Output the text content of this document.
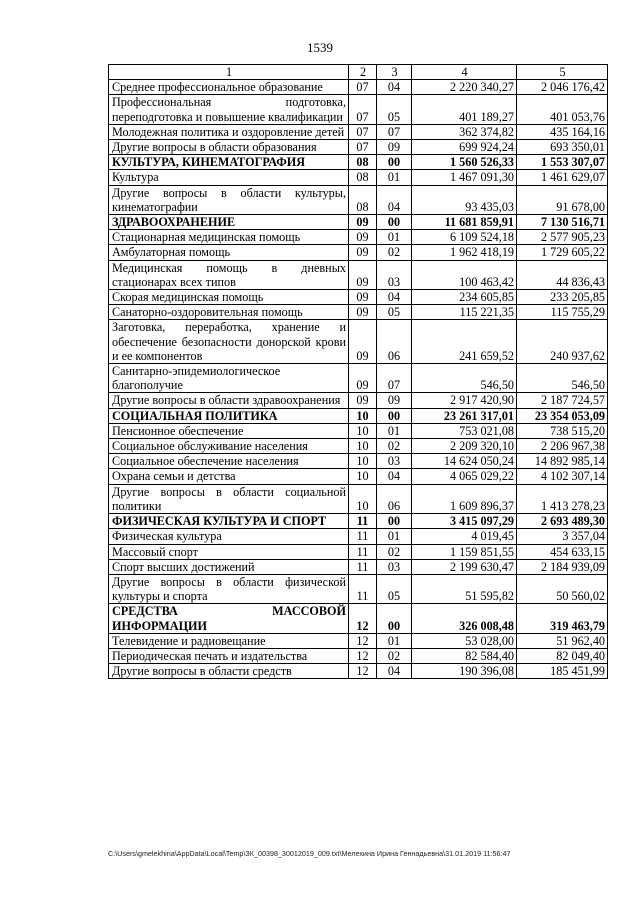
1539
1	2	3	4	5
Среднее профессиональное образование	07	04	2 220 340,27	2 046 176,42
Профессиональная подготовка, переподготовка и повышение квалификации	07	05	401 189,27	401 053,76
Молодежная политика и оздоровление детей	07	07	362 374,82	435 164,16
Другие вопросы в области образования	07	09	699 924,24	693 350,01
КУЛЬТУРА, КИНЕМАТОГРАФИЯ	08	00	1 560 526,33	1 553 307,07
Культура	08	01	1 467 091,30	1 461 629,07
Другие вопросы в области культуры, кинематографии	08	04	93 435,03	91 678,00
ЗДРАВООХРАНЕНИЕ	09	00	11 681 859,91	7 130 516,71
Стационарная медицинская помощь	09	01	6 109 524,18	2 577 905,23
Амбулаторная помощь	09	02	1 962 418,19	1 729 605,22
Медицинская помощь в дневных стационарах всех типов	09	03	100 463,42	44 836,43
Скорая медицинская помощь	09	04	234 605,85	233 205,85
Санаторно-оздоровительная помощь	09	05	115 221,35	115 755,29
Заготовка, переработка, хранение и обеспечение безопасности донорской крови и ее компонентов	09	06	241 659,52	240 937,62
Санитарно-эпидемиологическое благополучие	09	07	546,50	546,50
Другие вопросы в области здравоохранения	09	09	2 917 420,90	2 187 724,57
СОЦИАЛЬНАЯ ПОЛИТИКА	10	00	23 261 317,01	23 354 053,09
Пенсионное обеспечение	10	01	753 021,08	738 515,20
Социальное обслуживание населения	10	02	2 209 320,10	2 206 967,38
Социальное обеспечение населения	10	03	14 624 050,24	14 892 985,14
Охрана семьи и детства	10	04	4 065 029,22	4 102 307,14
Другие вопросы в области социальной политики	10	06	1 609 896,37	1 413 278,23
ФИЗИЧЕСКАЯ КУЛЬТУРА И СПОРТ	11	00	3 415 097,29	2 693 489,30
Физическая культура	11	01	4 019,45	3 357,04
Массовый спорт	11	02	1 159 851,55	454 633,15
Спорт высших достижений	11	03	2 199 630,47	2 184 939,09
Другие вопросы в области физической культуры и спорта	11	05	51 595,82	50 560,02
СРЕДСТВА МАССОВОЙ ИНФОРМАЦИИ	12	00	326 008,48	319 463,79
Телевидение и радиовещание	12	01	53 028,00	51 962,40
Периодическая печать и издательства	12	02	82 584,40	82 049,40
Другие вопросы в области средств	12	04	190 396,08	185 451,99
C:\Users\gmelekhina\AppData\Local\Temp\ЗК_00398_30012019_009.txt\Мелехина Ирина Геннадьевна\31.01.2019 11:56:47
